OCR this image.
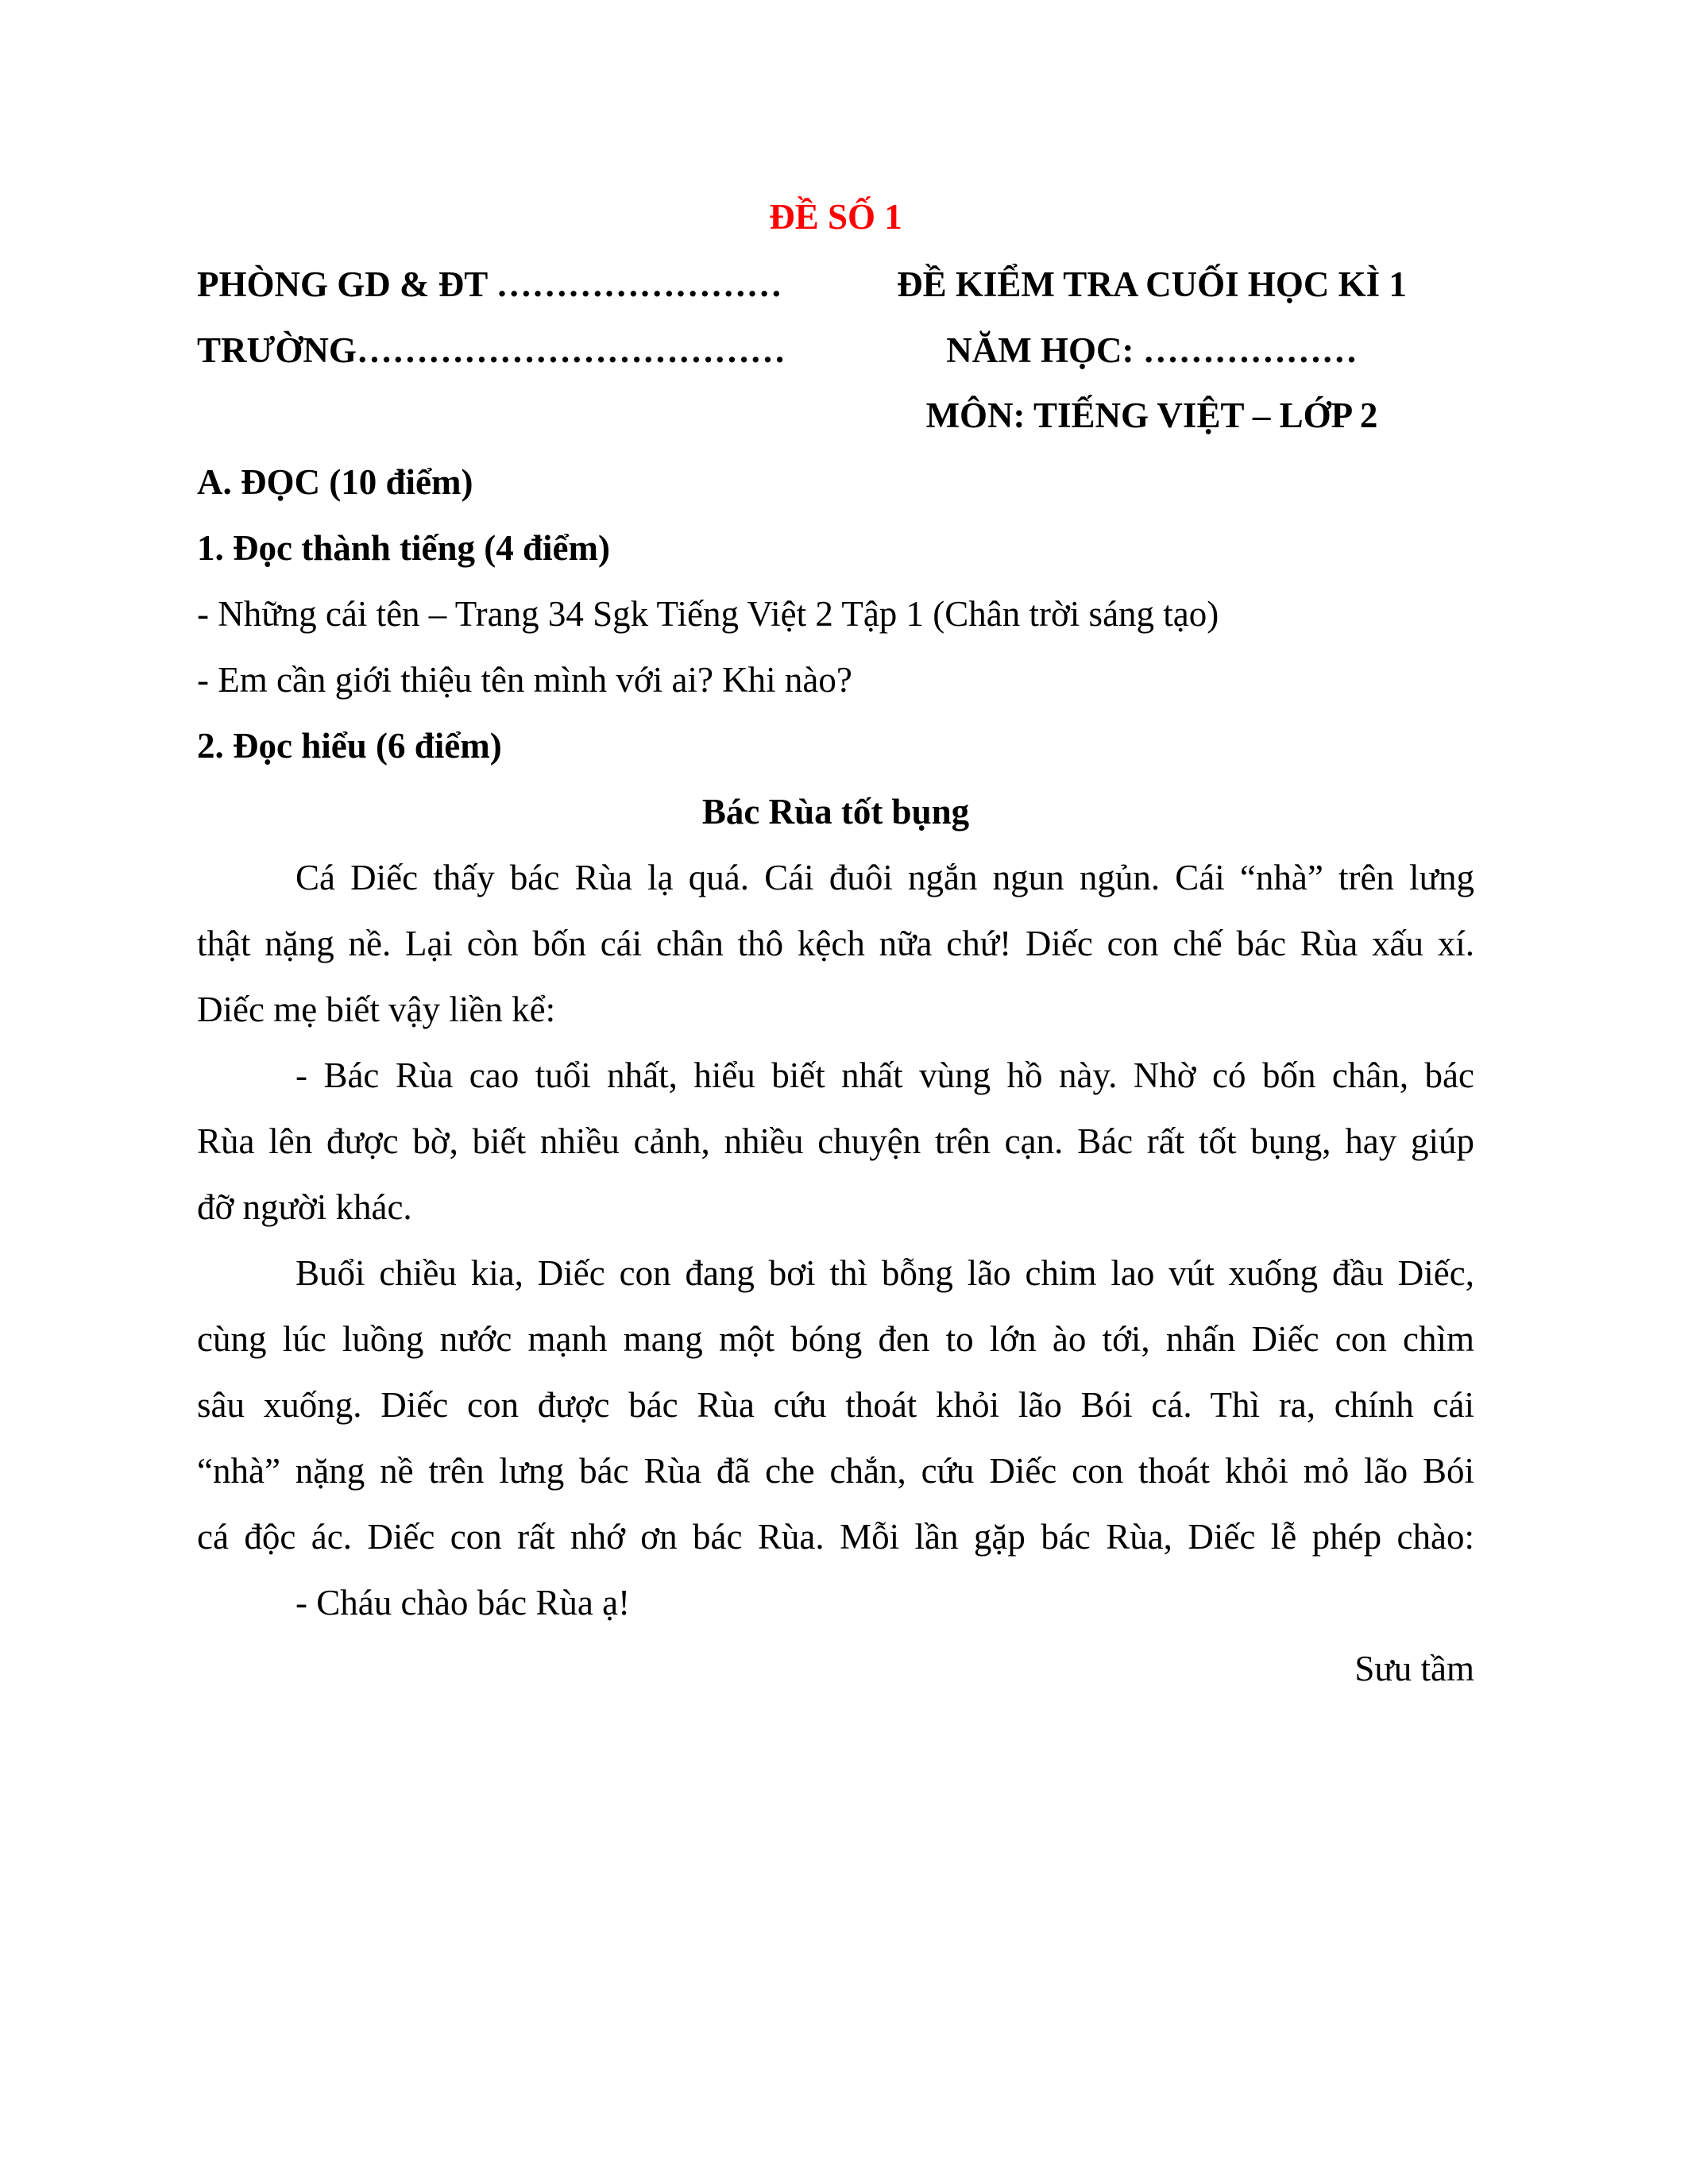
ĐỀ SỐ 1
PHÒNG GD & ĐT ……………………	ĐỀ KIỂM TRA CUỐI HỌC KÌ 1
TRƯỜNG………………………………	NĂM HỌC: ………………
MÔN: TIẾNG VIỆT – LỚP 2
A. ĐỌC (10 điểm)
1. Đọc thành tiếng (4 điểm)
- Những cái tên – Trang 34 Sgk Tiếng Việt 2 Tập 1 (Chân trời sáng tạo)
- Em cần giới thiệu tên mình với ai? Khi nào?
2. Đọc hiểu (6 điểm)
Bác Rùa tốt bụng
Cá Diếc thấy bác Rùa lạ quá. Cái đuôi ngắn ngun ngủn. Cái “nhà” trên lưng
thật nặng nề. Lại còn bốn cái chân thô kệch nữa chứ! Diếc con chế bác Rùa xấu xí.
Diếc mẹ biết vậy liền kể:
- Bác Rùa cao tuổi nhất, hiểu biết nhất vùng hồ này. Nhờ có bốn chân, bác
Rùa lên được bờ, biết nhiều cảnh, nhiều chuyện trên cạn. Bác rất tốt bụng, hay giúp
đỡ người khác.
Buổi chiều kia, Diếc con đang bơi thì bỗng lão chim lao vút xuống đầu Diếc,
cùng lúc luồng nước mạnh mang một bóng đen to lớn ào tới, nhấn Diếc con chìm
sâu xuống. Diếc con được bác Rùa cứu thoát khỏi lão Bói cá. Thì ra, chính cái
“nhà” nặng nề trên lưng bác Rùa đã che chắn, cứu Diếc con thoát khỏi mỏ lão Bói
cá độc ác. Diếc con rất nhớ ơn bác Rùa. Mỗi lần gặp bác Rùa, Diếc lễ phép chào:
- Cháu chào bác Rùa ạ!
Sưu tầm
